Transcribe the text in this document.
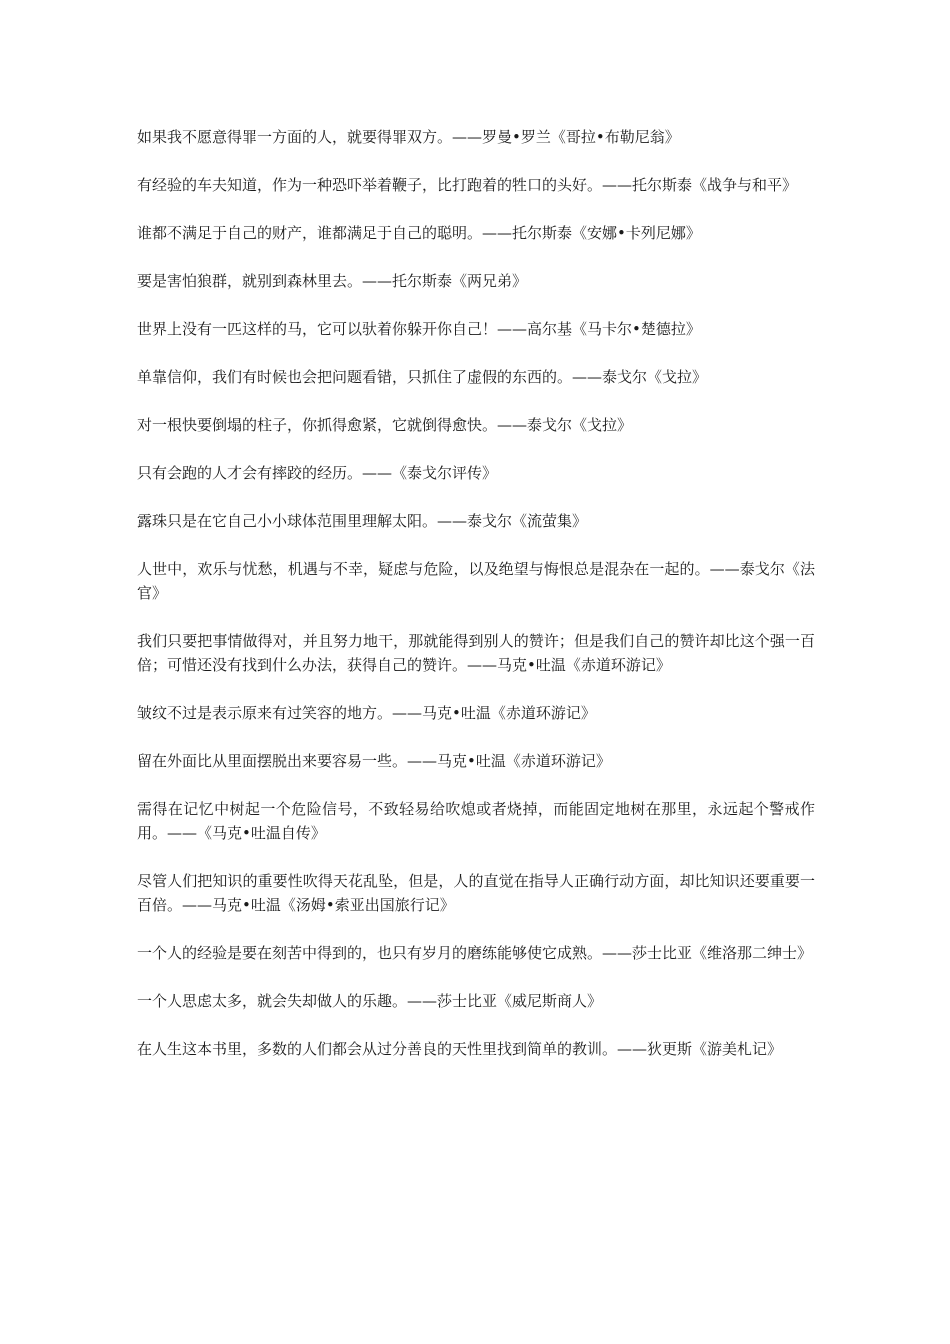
如果我不愿意得罪一方面的人，就要得罪双方。——罗曼•罗兰《哥拉•布勒尼翁》

有经验的车夫知道，作为一种恐吓举着鞭子，比打跑着的牲口的头好。——托尔斯泰《战争与和平》

谁都不满足于自己的财产，谁都满足于自己的聪明。——托尔斯泰《安娜•卡列尼娜》

要是害怕狼群，就别到森林里去。——托尔斯泰《两兄弟》

世界上没有一匹这样的马，它可以驮着你躲开你自己！——高尔基《马卡尔•楚德拉》

单靠信仰，我们有时候也会把问题看错，只抓住了虚假的东西的。——泰戈尔《戈拉》

对一根快要倒塌的柱子，你抓得愈紧，它就倒得愈快。——泰戈尔《戈拉》

只有会跑的人才会有摔跤的经历。——《泰戈尔评传》

露珠只是在它自己小小球体范围里理解太阳。——泰戈尔《流萤集》

人世中，欢乐与忧愁，机遇与不幸，疑虑与危险，以及绝望与悔恨总是混杂在一起的。——泰戈尔《法官》

我们只要把事情做得对，并且努力地干，那就能得到别人的赞许；但是我们自己的赞许却比这个强一百倍；可惜还没有找到什么办法，获得自己的赞许。——马克•吐温《赤道环游记》

皱纹不过是表示原来有过笑容的地方。——马克•吐温《赤道环游记》

留在外面比从里面摆脱出来要容易一些。——马克•吐温《赤道环游记》

需得在记忆中树起一个危险信号，不致轻易给吹熄或者烧掉，而能固定地树在那里，永远起个警戒作用。——《马克•吐温自传》

尽管人们把知识的重要性吹得天花乱坠，但是，人的直觉在指导人正确行动方面，却比知识还要重要一百倍。——马克•吐温《汤姆•索亚出国旅行记》

一个人的经验是要在刻苦中得到的，也只有岁月的磨练能够使它成熟。——莎士比亚《维洛那二绅士》

一个人思虑太多，就会失却做人的乐趣。——莎士比亚《威尼斯商人》

在人生这本书里，多数的人们都会从过分善良的天性里找到简单的教训。——狄更斯《游美札记》
